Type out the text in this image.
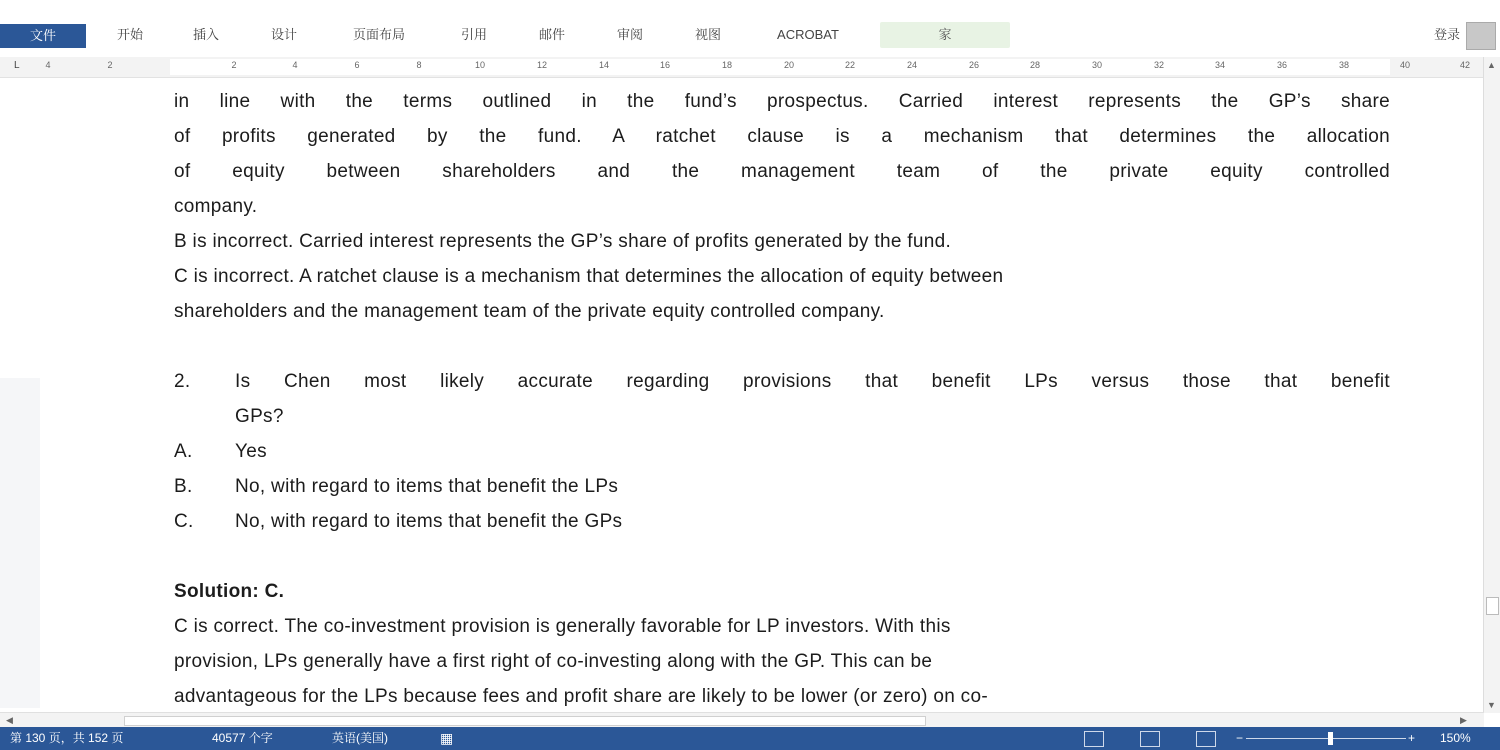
文件	开始	插入	设计	页面布局	引用	邮件	审阅	视图	ACROBAT	家	登录
L	4	2	2	4	6	8	10	12	14	16	18	20	22	24	26	28	30	32	34	36	38	40	42
in line with the terms outlined in the fund’s prospectus. Carried interest represents the GP’s share
of profits generated by the fund. A ratchet clause is a mechanism that determines the allocation
of equity between shareholders and the management team of the private equity controlled
company.
B is incorrect. Carried interest represents the GP’s share of profits generated by the fund.
C is incorrect. A ratchet clause is a mechanism that determines the allocation of equity between
shareholders and the management team of the private equity controlled company.
2. Is Chen most likely accurate regarding provisions that benefit LPs versus those that benefit
GPs?
A. Yes
B. No, with regard to items that benefit the LPs
C. No, with regard to items that benefit the GPs
Solution: C.
C is correct. The co-investment provision is generally favorable for LP investors. With this
provision, LPs generally have a first right of co-investing along with the GP. This can be
advantageous for the LPs because fees and profit share are likely to be lower (or zero) on co-
▲
▼
◀	▶
第 130 页，共 152 页	40577 个字	英语(美国)	▦	−	+ 150%
